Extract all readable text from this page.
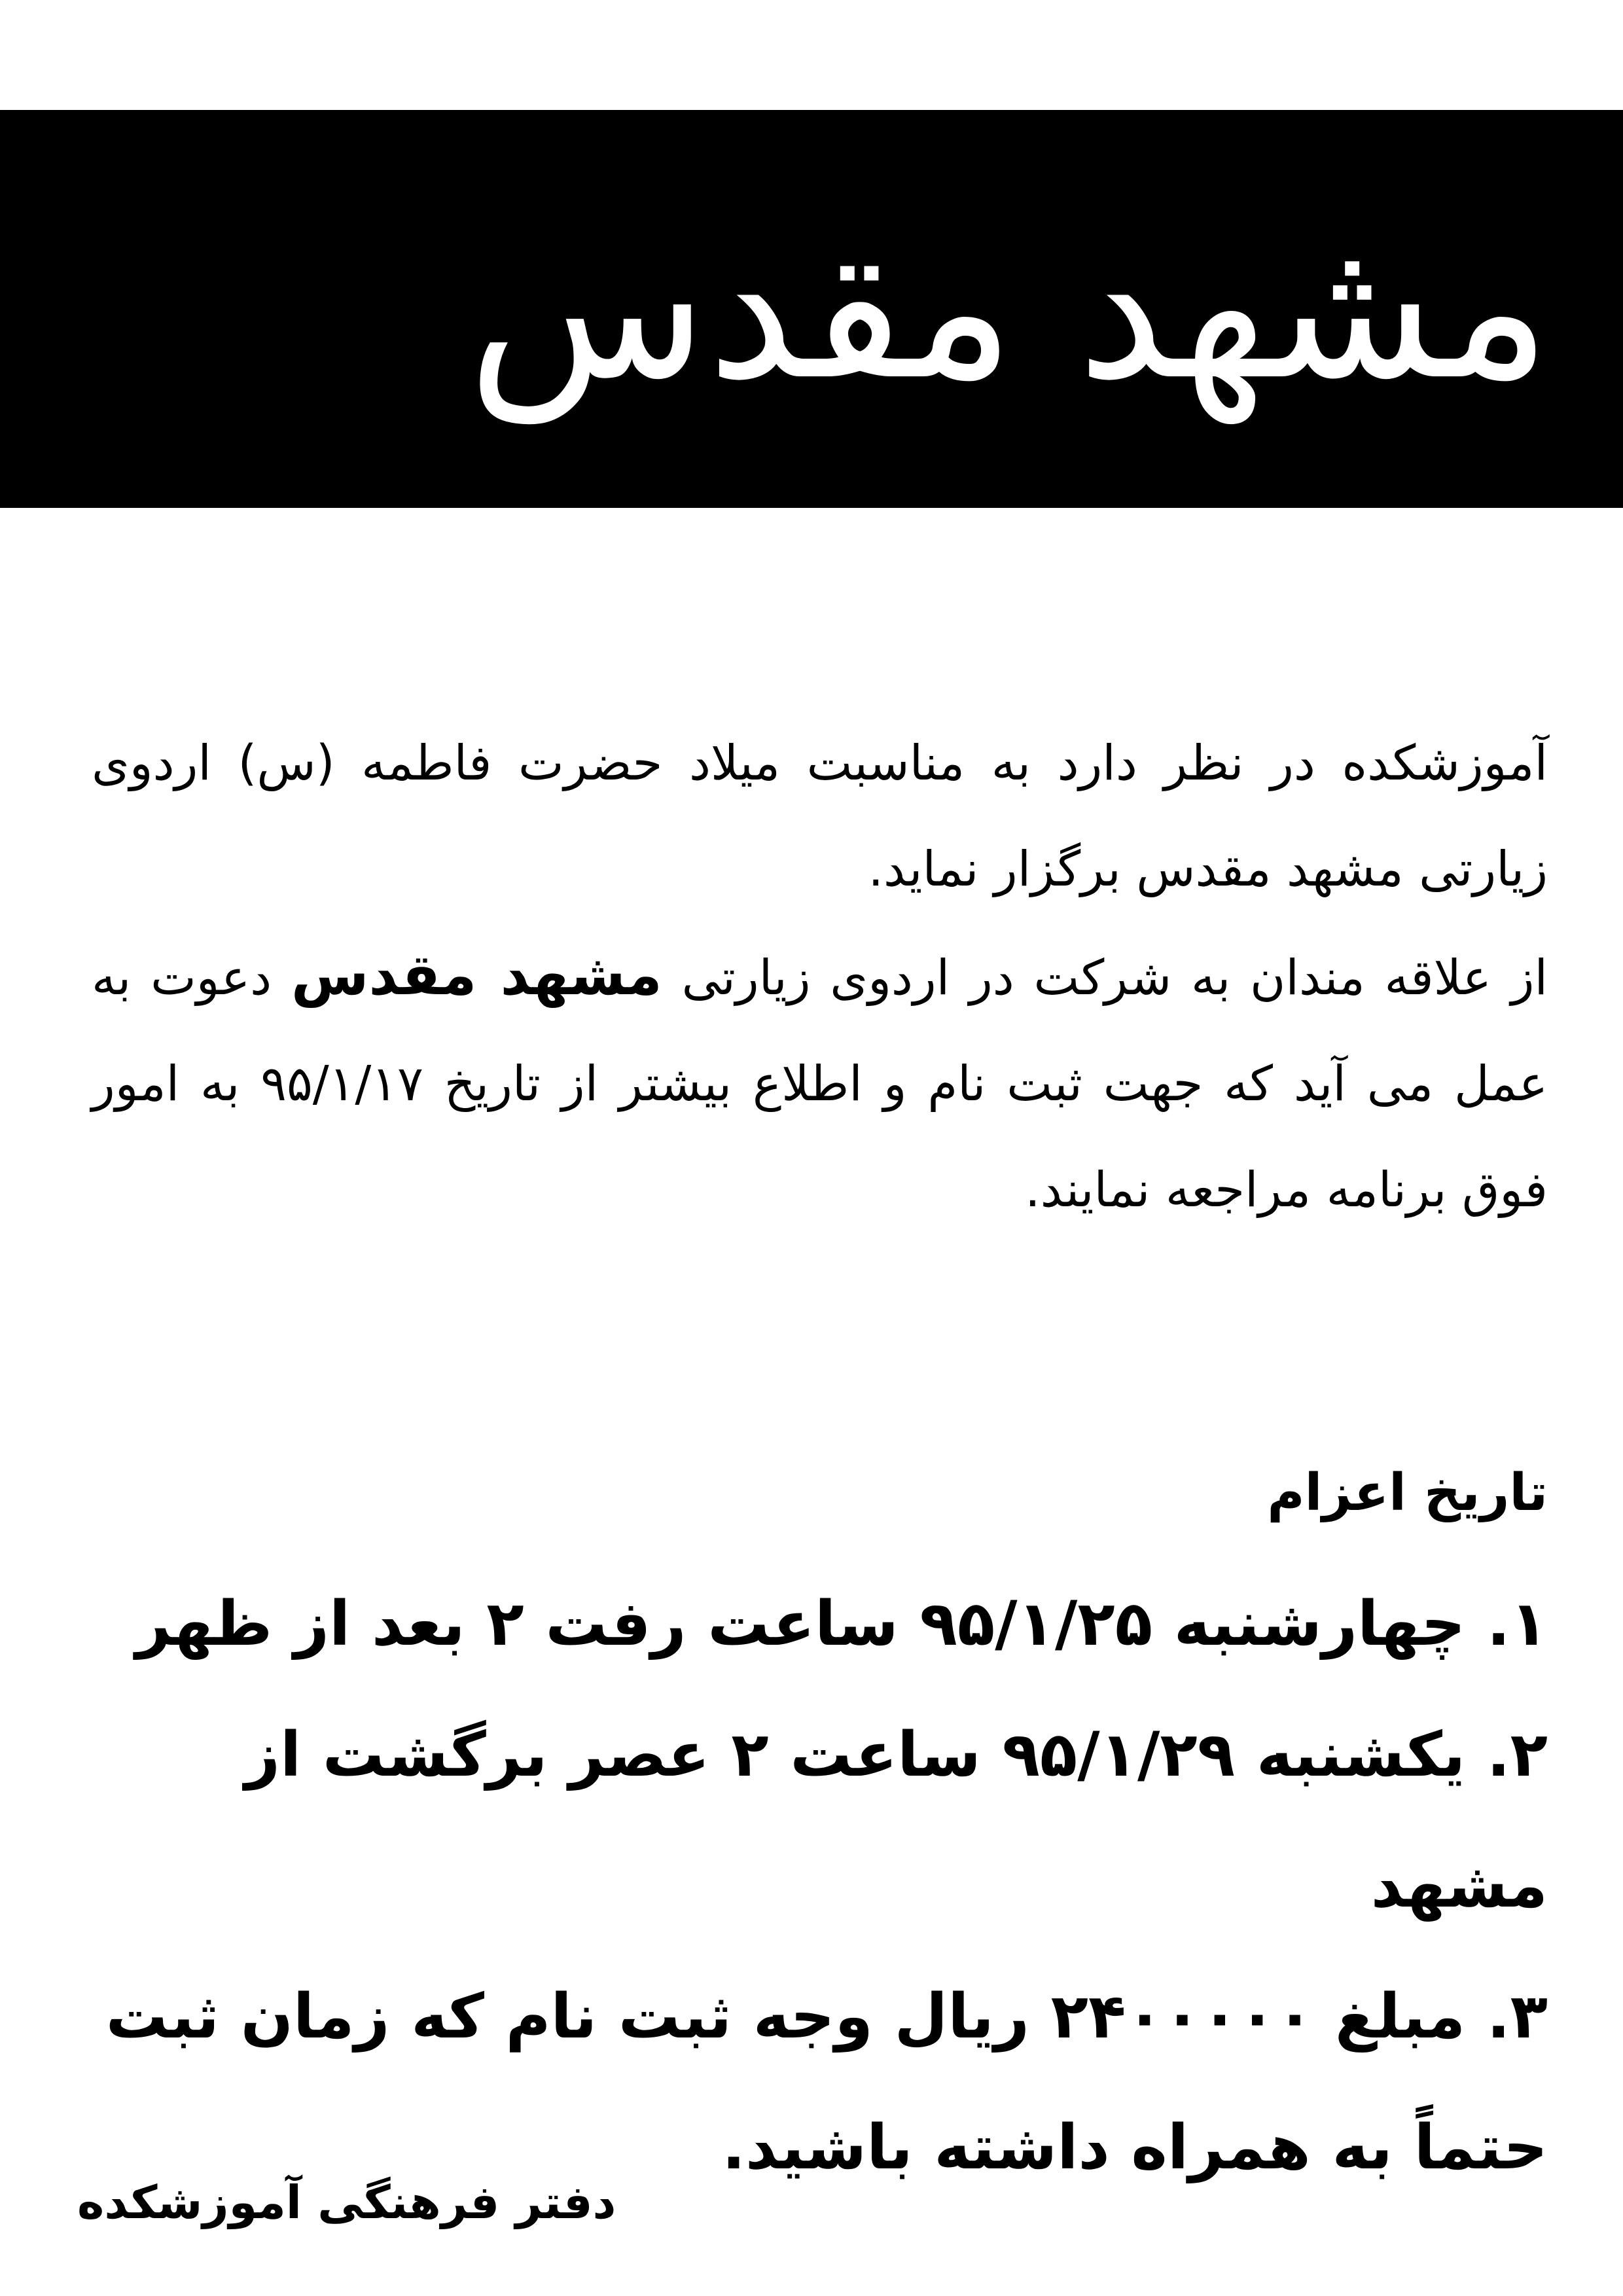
مشهد مقدس

آموزشکده در نظر دارد به مناسبت میلاد حضرت فاطمه (س) اردوی زیارتی مشهد مقدس برگزار نماید.

از علاقه مندان به شرکت در اردوی زیارتی مشهد مقدس دعوت به عمل می آید که جهت ثبت نام و اطلاع بیشتر از تاریخ ۹۵/۱/۱۷ به امور فوق برنامه مراجعه نمایند.

تاریخ اعزام
۱. چهارشنبه ۹۵/۱/۲۵ ساعت رفت ۲ بعد از ظهر
۲. یکشنبه ۹۵/۱/۲۹ ساعت ۲ عصر برگشت از مشهد
۳. مبلغ ۲۴۰۰۰۰۰ ریال وجه ثبت نام که زمان ثبت حتماً به همراه داشته باشید.

دفتر فرهنگی آموزشکده
